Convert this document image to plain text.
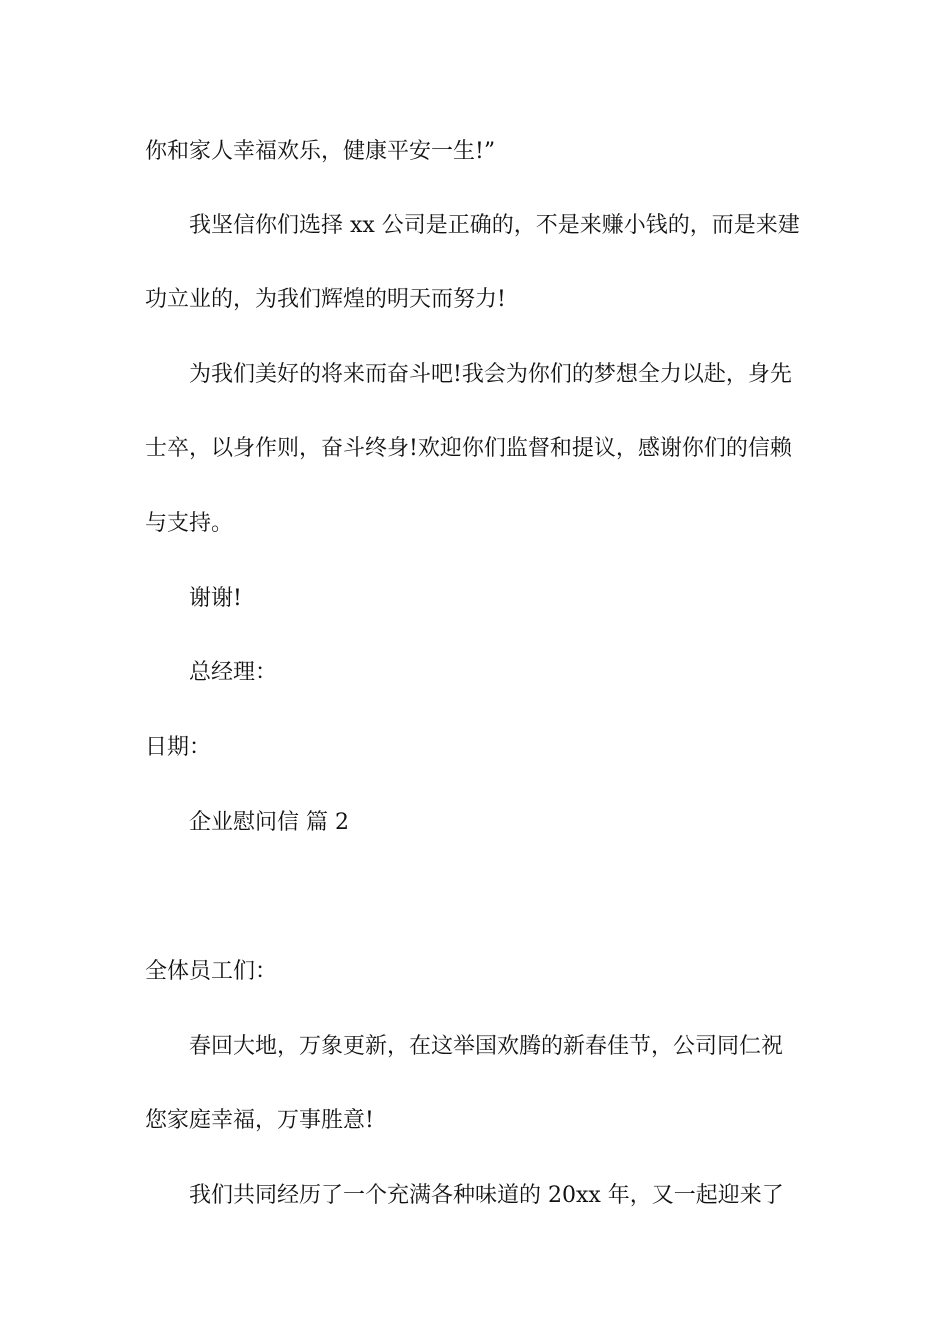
你和家人幸福欢乐，健康平安一生!”
我坚信你们选择 xx 公司是正确的，不是来赚小钱的，而是来建
功立业的，为我们辉煌的明天而努力!
为我们美好的将来而奋斗吧!我会为你们的梦想全力以赴，身先
士卒，以身作则，奋斗终身!欢迎你们监督和提议，感谢你们的信赖
与支持。
谢谢!
总经理：
日期：
企业慰问信 篇 2
全体员工们：
春回大地，万象更新，在这举国欢腾的新春佳节，公司同仁祝
您家庭幸福，万事胜意!
我们共同经历了一个充满各种味道的 20xx 年，又一起迎来了
